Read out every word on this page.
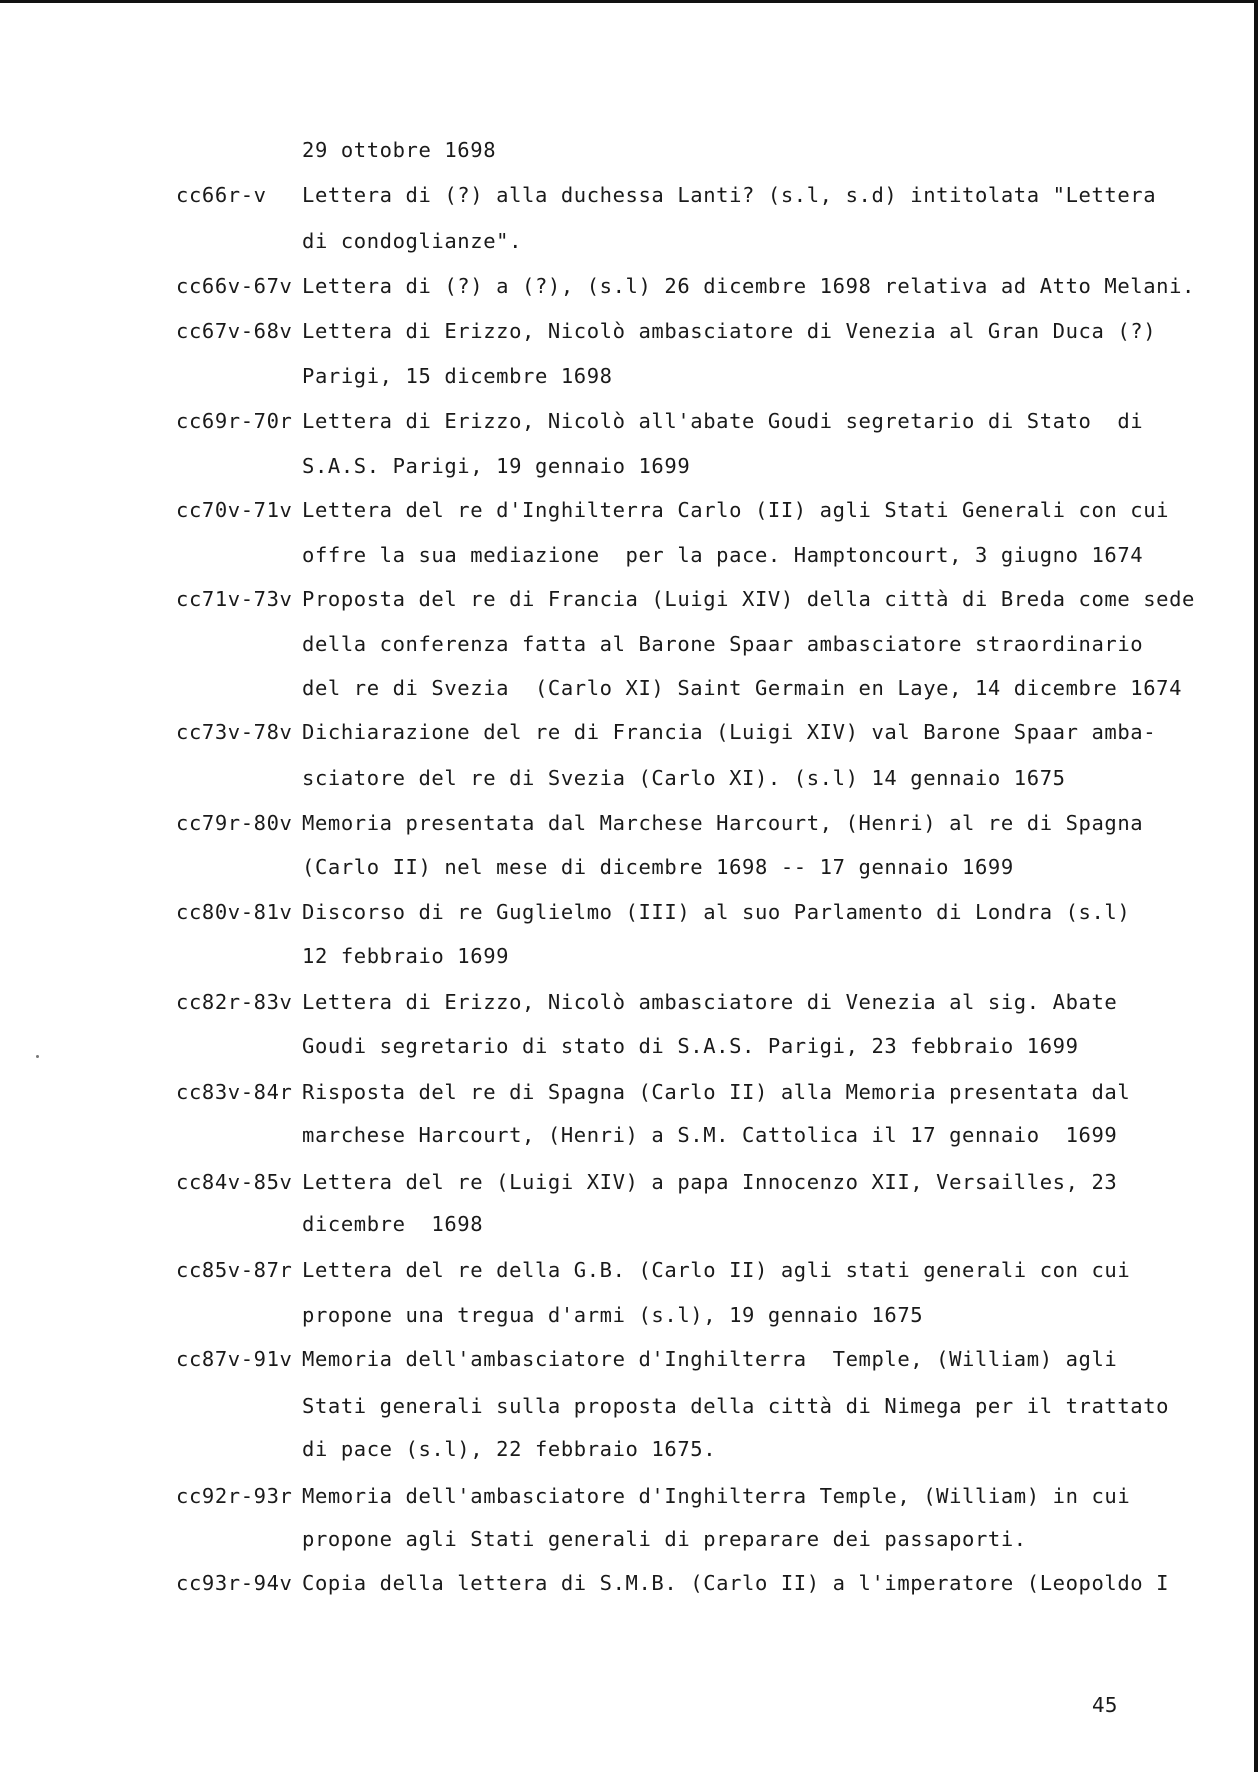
29 ottobre 1698
cc66r-v Lettera di (?) alla duchessa Lanti? (s.l, s.d) intitolata "Lettera
di condoglianze".
cc66v-67v Lettera di (?) a (?), (s.l) 26 dicembre 1698 relativa ad Atto Melani.
cc67v-68v Lettera di Erizzo, Nicolò ambasciatore di Venezia al Gran Duca (?)
Parigi, 15 dicembre 1698
cc69r-70r Lettera di Erizzo, Nicolò all'abate Goudi segretario di Stato  di
S.A.S. Parigi, 19 gennaio 1699
cc70v-71v Lettera del re d'Inghilterra Carlo (II) agli Stati Generali con cui
offre la sua mediazione  per la pace. Hamptoncourt, 3 giugno 1674
cc71v-73v Proposta del re di Francia (Luigi XIV) della città di Breda come sede
della conferenza fatta al Barone Spaar ambasciatore straordinario
del re di Svezia  (Carlo XI) Saint Germain en Laye, 14 dicembre 1674
cc73v-78v Dichiarazione del re di Francia (Luigi XIV) val Barone Spaar amba-
sciatore del re di Svezia (Carlo XI). (s.l) 14 gennaio 1675
cc79r-80v Memoria presentata dal Marchese Harcourt, (Henri) al re di Spagna
(Carlo II) nel mese di dicembre 1698 -- 17 gennaio 1699
cc80v-81v Discorso di re Guglielmo (III) al suo Parlamento di Londra (s.l)
12 febbraio 1699
cc82r-83v Lettera di Erizzo, Nicolò ambasciatore di Venezia al sig. Abate
Goudi segretario di stato di S.A.S. Parigi, 23 febbraio 1699
cc83v-84r Risposta del re di Spagna (Carlo II) alla Memoria presentata dal
marchese Harcourt, (Henri) a S.M. Cattolica il 17 gennaio  1699
cc84v-85v Lettera del re (Luigi XIV) a papa Innocenzo XII, Versailles, 23
dicembre  1698
cc85v-87r Lettera del re della G.B. (Carlo II) agli stati generali con cui
propone una tregua d'armi (s.l), 19 gennaio 1675
cc87v-91v Memoria dell'ambasciatore d'Inghilterra  Temple, (William) agli
Stati generali sulla proposta della città di Nimega per il trattato
di pace (s.l), 22 febbraio 1675.
cc92r-93r Memoria dell'ambasciatore d'Inghilterra Temple, (William) in cui
propone agli Stati generali di preparare dei passaporti.
cc93r-94v Copia della lettera di S.M.B. (Carlo II) a l'imperatore (Leopoldo I
45
